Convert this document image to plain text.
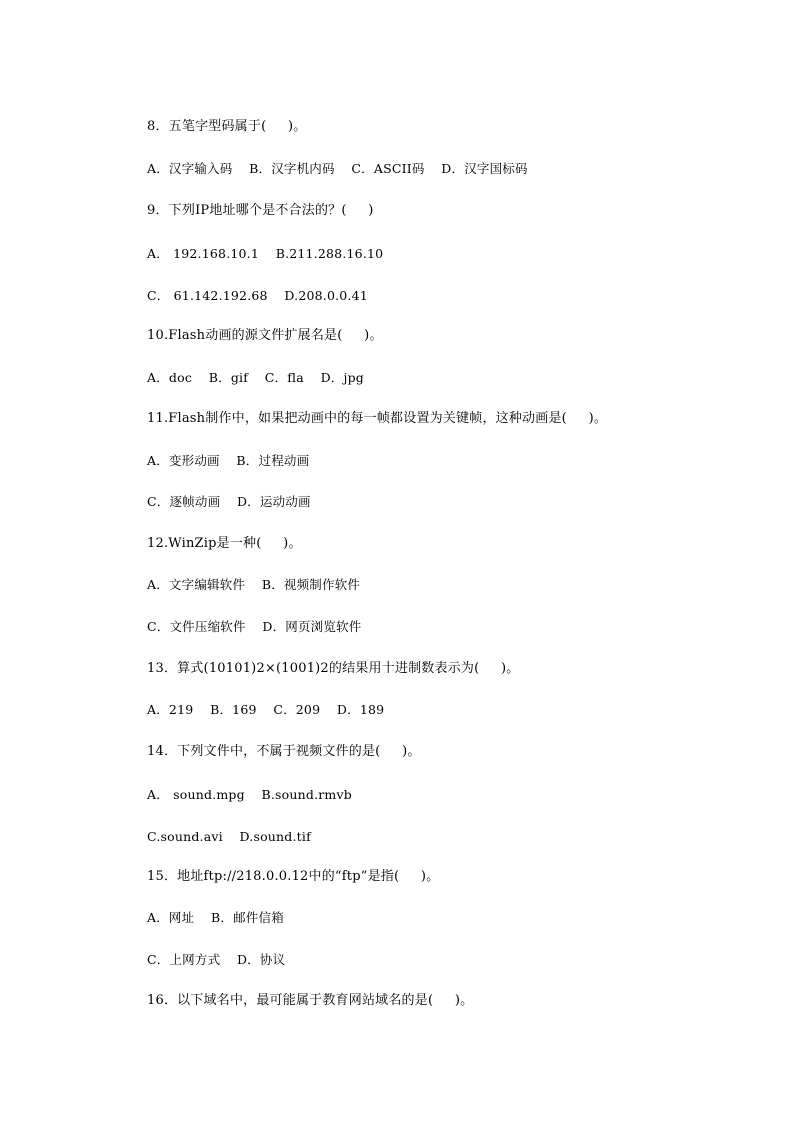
8．五笔字型码属于(     )。
A．汉字输入码    B．汉字机内码    C．ASCII码    D．汉字国标码
9．下列IP地址哪个是不合法的？(     )
A． 192.168.10.1    B.211.288.16.10
C． 61.142.192.68    D.208.0.0.41
10.Flash动画的源文件扩展名是(     )。
A．doc    B．gif    C．fla    D．jpg
11.Flash制作中，如果把动画中的每一帧都设置为关键帧，这种动画是(     )。
A．变形动画    B．过程动画
C．逐帧动画    D．运动动画
12.WinZip是一种(     )。
A．文字编辑软件    B．视频制作软件
C．文件压缩软件    D．网页浏览软件
13．算式(10101)2×(1001)2的结果用十进制数表示为(     )。
A．219    B．169    C．209    D．189
14．下列文件中，不属于视频文件的是(     )。
A． sound.mpg    B.sound.rmvb
C.sound.avi    D.sound.tif
15．地址ftp://218.0.0.12中的“ftp”是指(     )。
A．网址    B．邮件信箱
C．上网方式    D．协议
16．以下域名中，最可能属于教育网站域名的是(     )。
